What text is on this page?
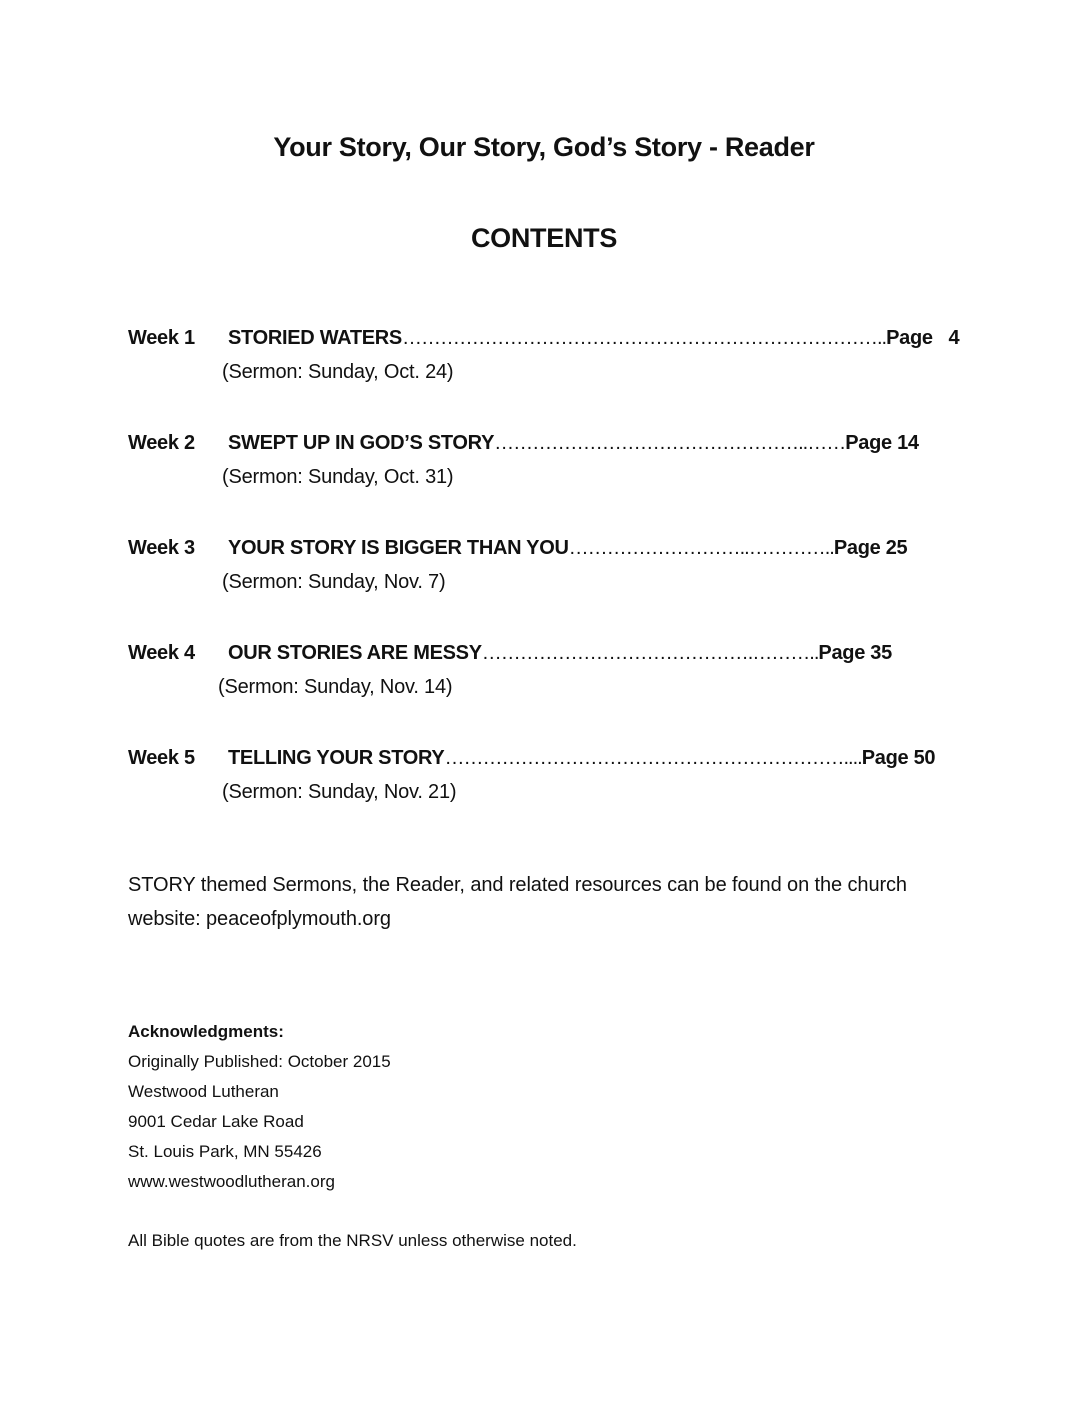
Your Story, Our Story, God’s Story - Reader
CONTENTS
Week 1 STORIED WATERS…………………………………………………………………..Page   4
(Sermon: Sunday, Oct. 24)
Week 2 SWEPT UP IN GOD’S STORY…………………………………………..……Page 14
(Sermon: Sunday, Oct. 31)
Week 3 YOUR STORY IS BIGGER THAN YOU………………………..…………..Page 25
(Sermon: Sunday, Nov. 7)
Week 4 OUR STORIES ARE MESSY…………………………………….………..Page 35
(Sermon: Sunday, Nov. 14)
Week 5 TELLING YOUR STORY………………………………………………………....Page 50
(Sermon: Sunday, Nov. 21)
STORY themed Sermons, the Reader, and related resources can be found on the church website: peaceofplymouth.org
Acknowledgments:
Originally Published: October 2015
Westwood Lutheran
9001 Cedar Lake Road
St. Louis Park, MN 55426
www.westwoodlutheran.org
All Bible quotes are from the NRSV unless otherwise noted.
